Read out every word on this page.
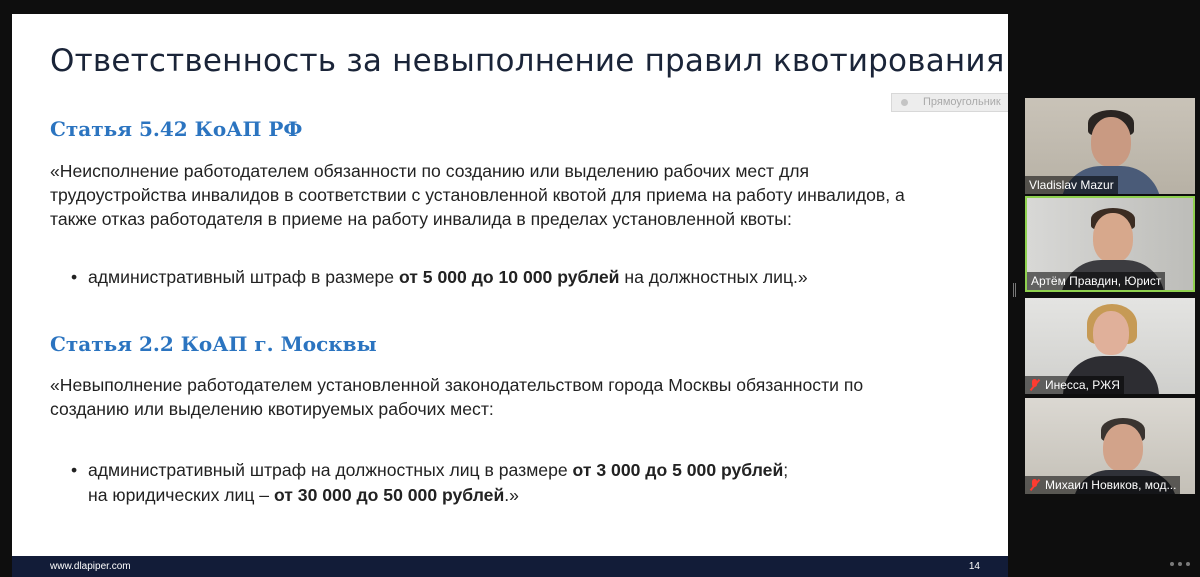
Ответственность за невыполнение правил квотирования
Прямоугольник
Статья 5.42 КоАП РФ
«Неисполнение работодателем обязанности по созданию или выделению рабочих мест для
трудоустройства инвалидов в соответствии с установленной квотой для приема на работу инвалидов, а
также отказ работодателя в приеме на работу инвалида в пределах установленной квоты:
• административный штраф в размере от 5 000 до 10 000 рублей на должностных лиц.»
Статья 2.2 КоАП г. Москвы
«Невыполнение работодателем установленной законодательством города Москвы обязанности по
созданию или выделению квотируемых рабочих мест:
• административный штраф на должностных лиц в размере от 3 000 до 5 000 рублей;
на юридических лиц – от 30 000 до 50 000 рублей.»
www.dlapiper.com	14
Vladislav Mazur
Артём Правдин, Юрист
Инесса, РЖЯ
Михаил Новиков, мод...
